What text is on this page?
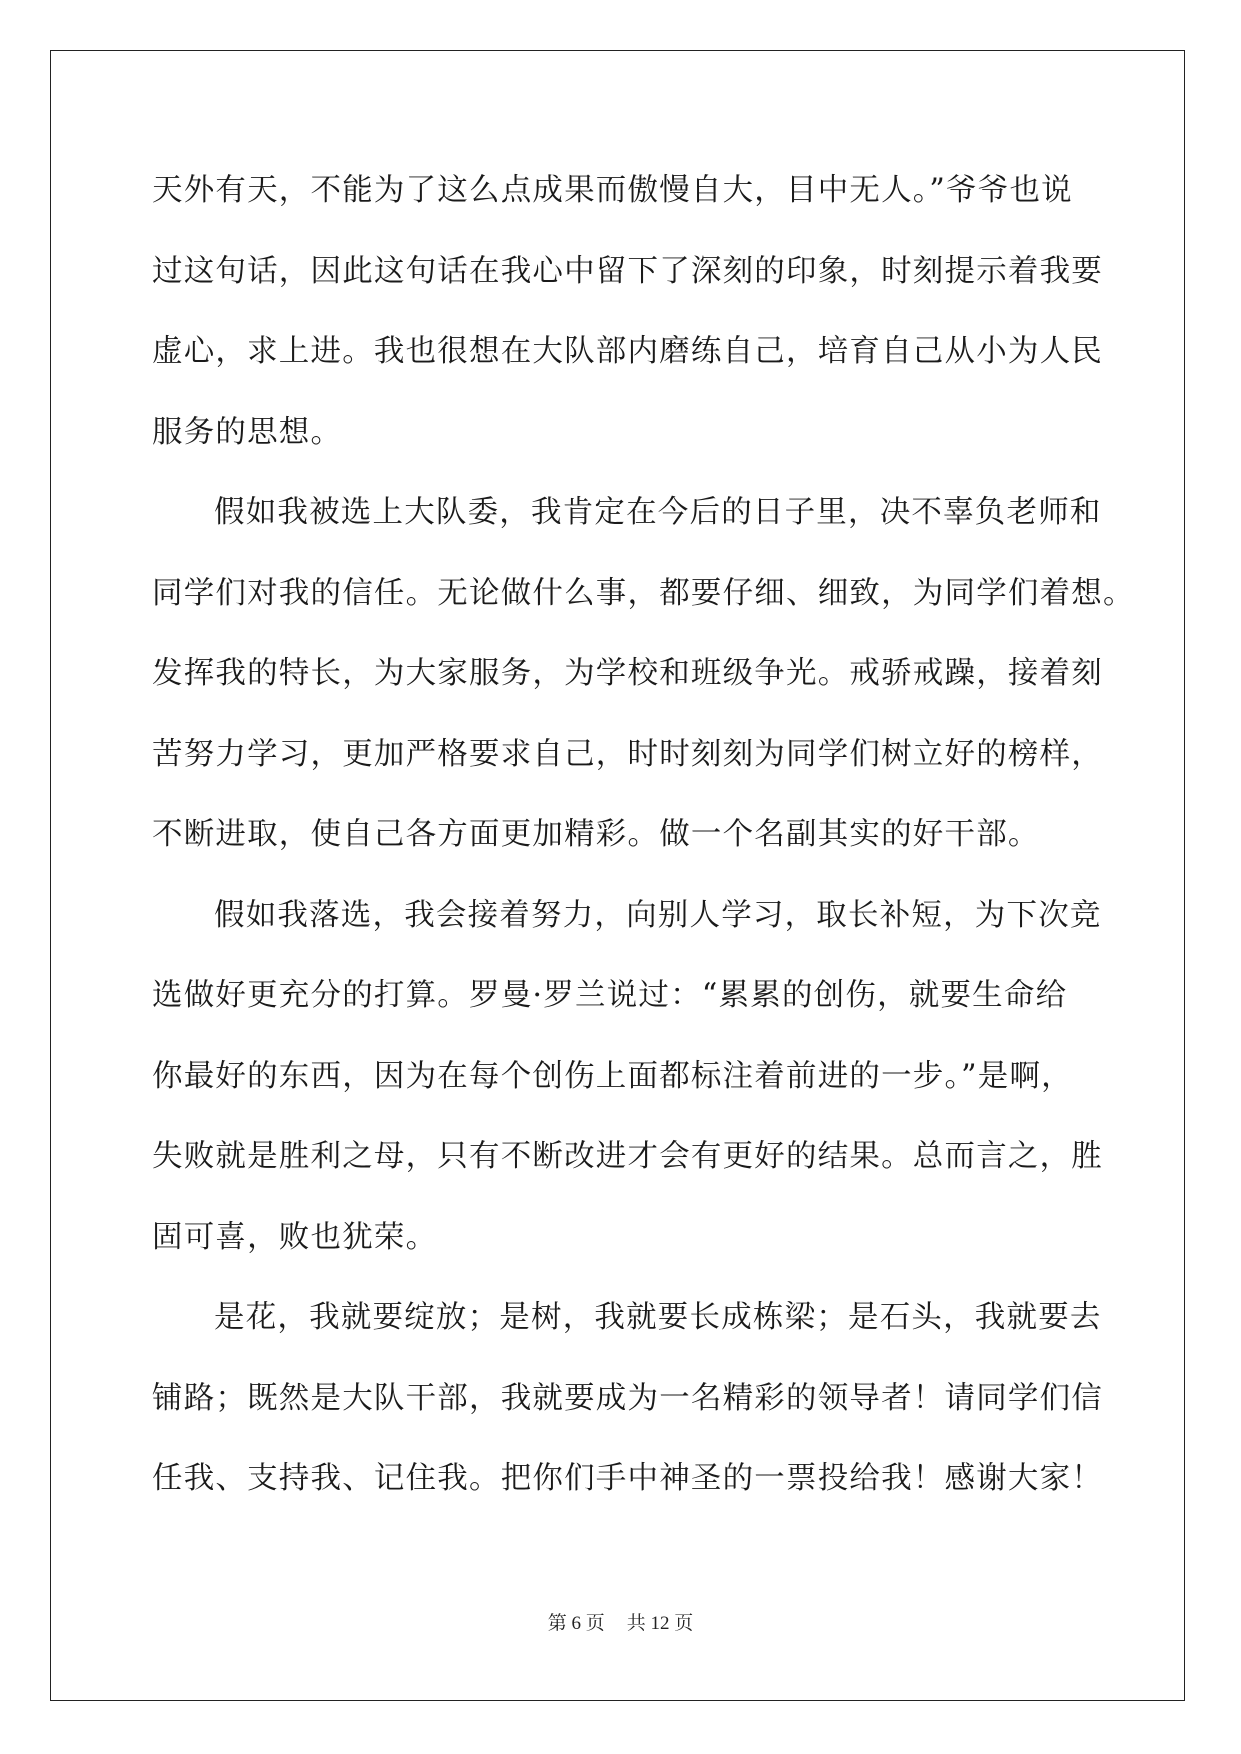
天外有天，不能为了这么点成果而傲慢自大，目中无人。”爷爷也说
过这句话，因此这句话在我心中留下了深刻的印象，时刻提示着我要
虚心，求上进。我也很想在大队部内磨练自己，培育自己从小为人民
服务的思想。
假如我被选上大队委，我肯定在今后的日子里，决不辜负老师和
同学们对我的信任。无论做什么事，都要仔细、细致，为同学们着想。
发挥我的特长，为大家服务，为学校和班级争光。戒骄戒躁，接着刻
苦努力学习，更加严格要求自己，时时刻刻为同学们树立好的榜样，
不断进取，使自己各方面更加精彩。做一个名副其实的好干部。
假如我落选，我会接着努力，向别人学习，取长补短，为下次竞
选做好更充分的打算。罗曼·罗兰说过：“累累的创伤，就要生命给
你最好的东西，因为在每个创伤上面都标注着前进的一步。”是啊，
失败就是胜利之母，只有不断改进才会有更好的结果。总而言之，胜
固可喜，败也犹荣。
是花，我就要绽放；是树，我就要长成栋梁；是石头，我就要去
铺路；既然是大队干部，我就要成为一名精彩的领导者！请同学们信
任我、支持我、记住我。把你们手中神圣的一票投给我！感谢大家！
第 6 页 共 12 页
